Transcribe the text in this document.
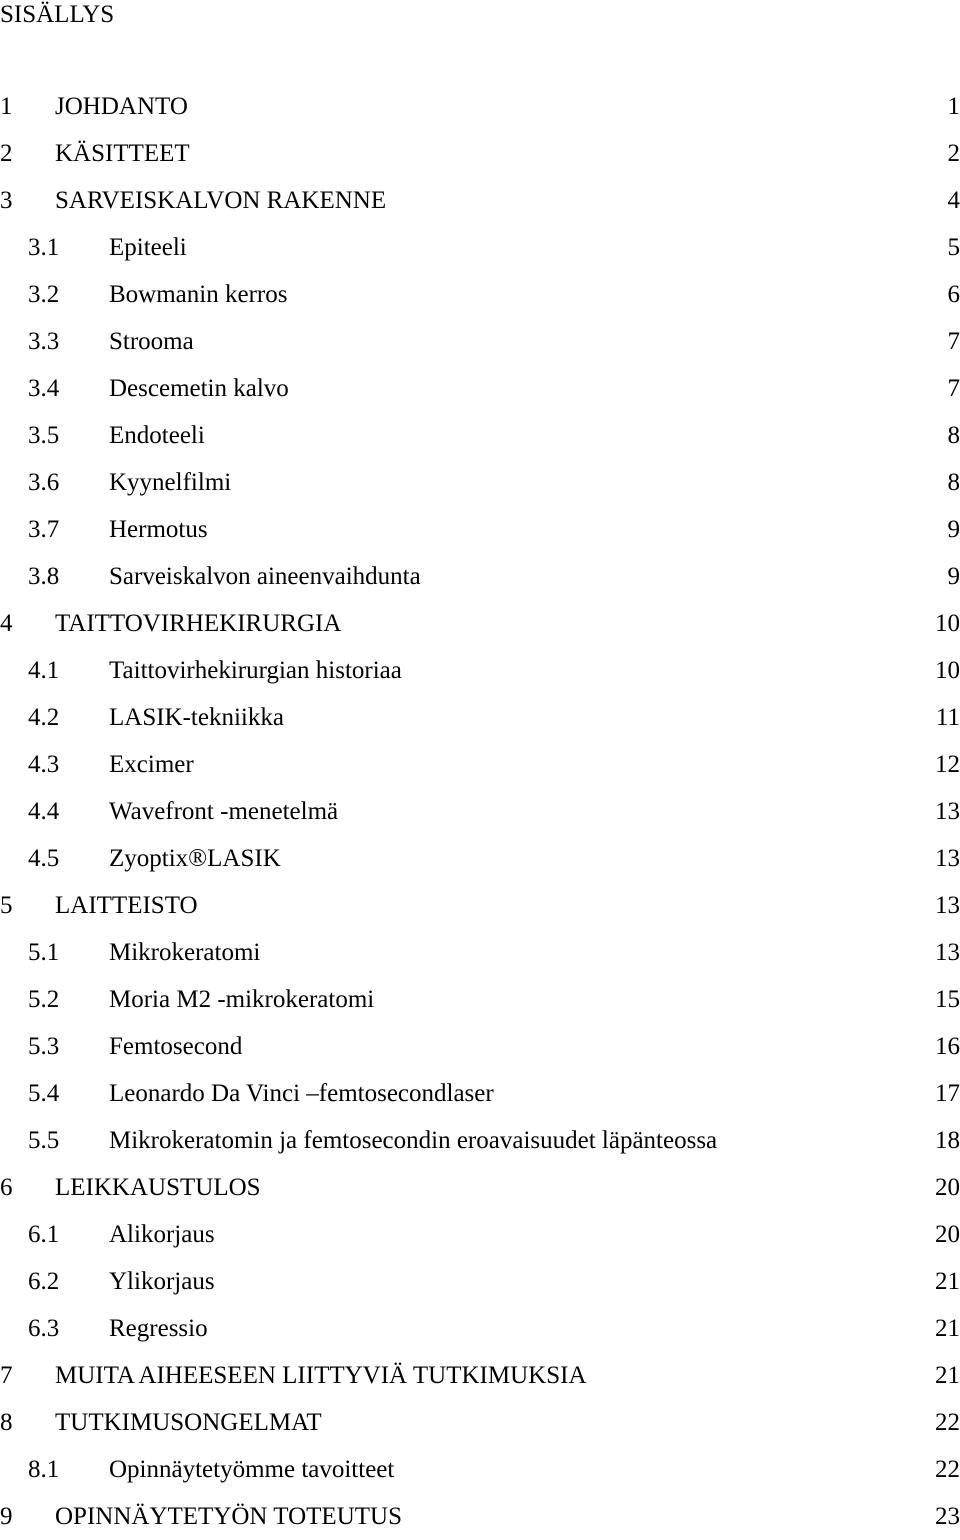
SISÄLLYS
1 JOHDANTO	1
2 KÄSITTEET	2
3 SARVEISKALVON RAKENNE	4
3.1 Epiteeli	5
3.2 Bowmanin kerros	6
3.3 Strooma	7
3.4 Descemetin kalvo	7
3.5 Endoteeli	8
3.6 Kyynelfilmi	8
3.7 Hermotus	9
3.8 Sarveiskalvon aineenvaihdunta	9
4 TAITTOVIRHEKIRURGIA	10
4.1 Taittovirhekirurgian historiaa	10
4.2 LASIK-tekniikka	11
4.3 Excimer	12
4.4 Wavefront -menetelmä	13
4.5 Zyoptix®LASIK	13
5 LAITTEISTO	13
5.1 Mikrokeratomi	13
5.2 Moria M2 -mikrokeratomi	15
5.3 Femtosecond	16
5.4 Leonardo Da Vinci –femtosecondlaser	17
5.5 Mikrokeratomin ja femtosecondin eroavaisuudet läpänteossa	18
6 LEIKKAUSTULOS	20
6.1 Alikorjaus	20
6.2 Ylikorjaus	21
6.3 Regressio	21
7 MUITA AIHEESEEN LIITTYVIÄ TUTKIMUKSIA	21
8 TUTKIMUSONGELMAT	22
8.1 Opinnäytetyömme tavoitteet	22
9 OPINNÄYTETYÖN TOTEUTUS	23
